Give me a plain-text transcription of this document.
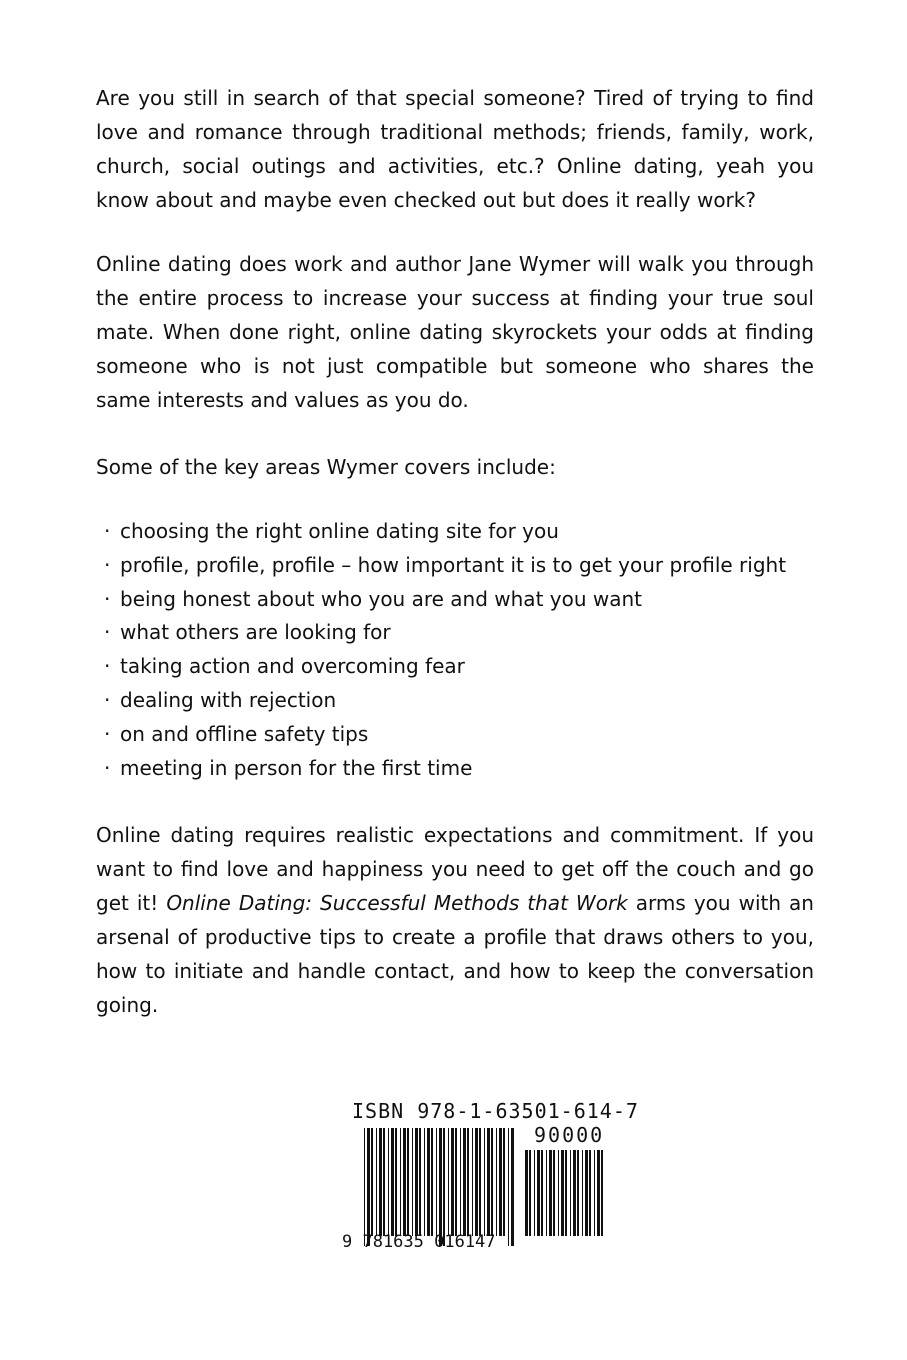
Are you still in search of that special someone? Tired of trying to find love and romance through traditional methods; friends, family, work, church, social outings and activities, etc.? Online dating, yeah you know about and maybe even checked out but does it really work?

Online dating does work and author Jane Wymer will walk you through the entire process to increase your success at finding your true soul mate. When done right, online dating skyrockets your odds at finding someone who is not just compatible but someone who shares the same interests and values as you do.

Some of the key areas Wymer covers include:

· choosing the right online dating site for you
· profile, profile, profile – how important it is to get your profile right
· being honest about who you are and what you want
· what others are looking for
· taking action and overcoming fear
· dealing with rejection
· on and offline safety tips
· meeting in person for the first time

Online dating requires realistic expectations and commitment. If you want to find love and happiness you need to get off the couch and go get it! Online Dating: Successful Methods that Work arms you with an arsenal of productive tips to create a profile that draws others to you, how to initiate and handle contact, and how to keep the conversation going.

ISBN 978-1-63501-614-7
90000
9 781635 016147
